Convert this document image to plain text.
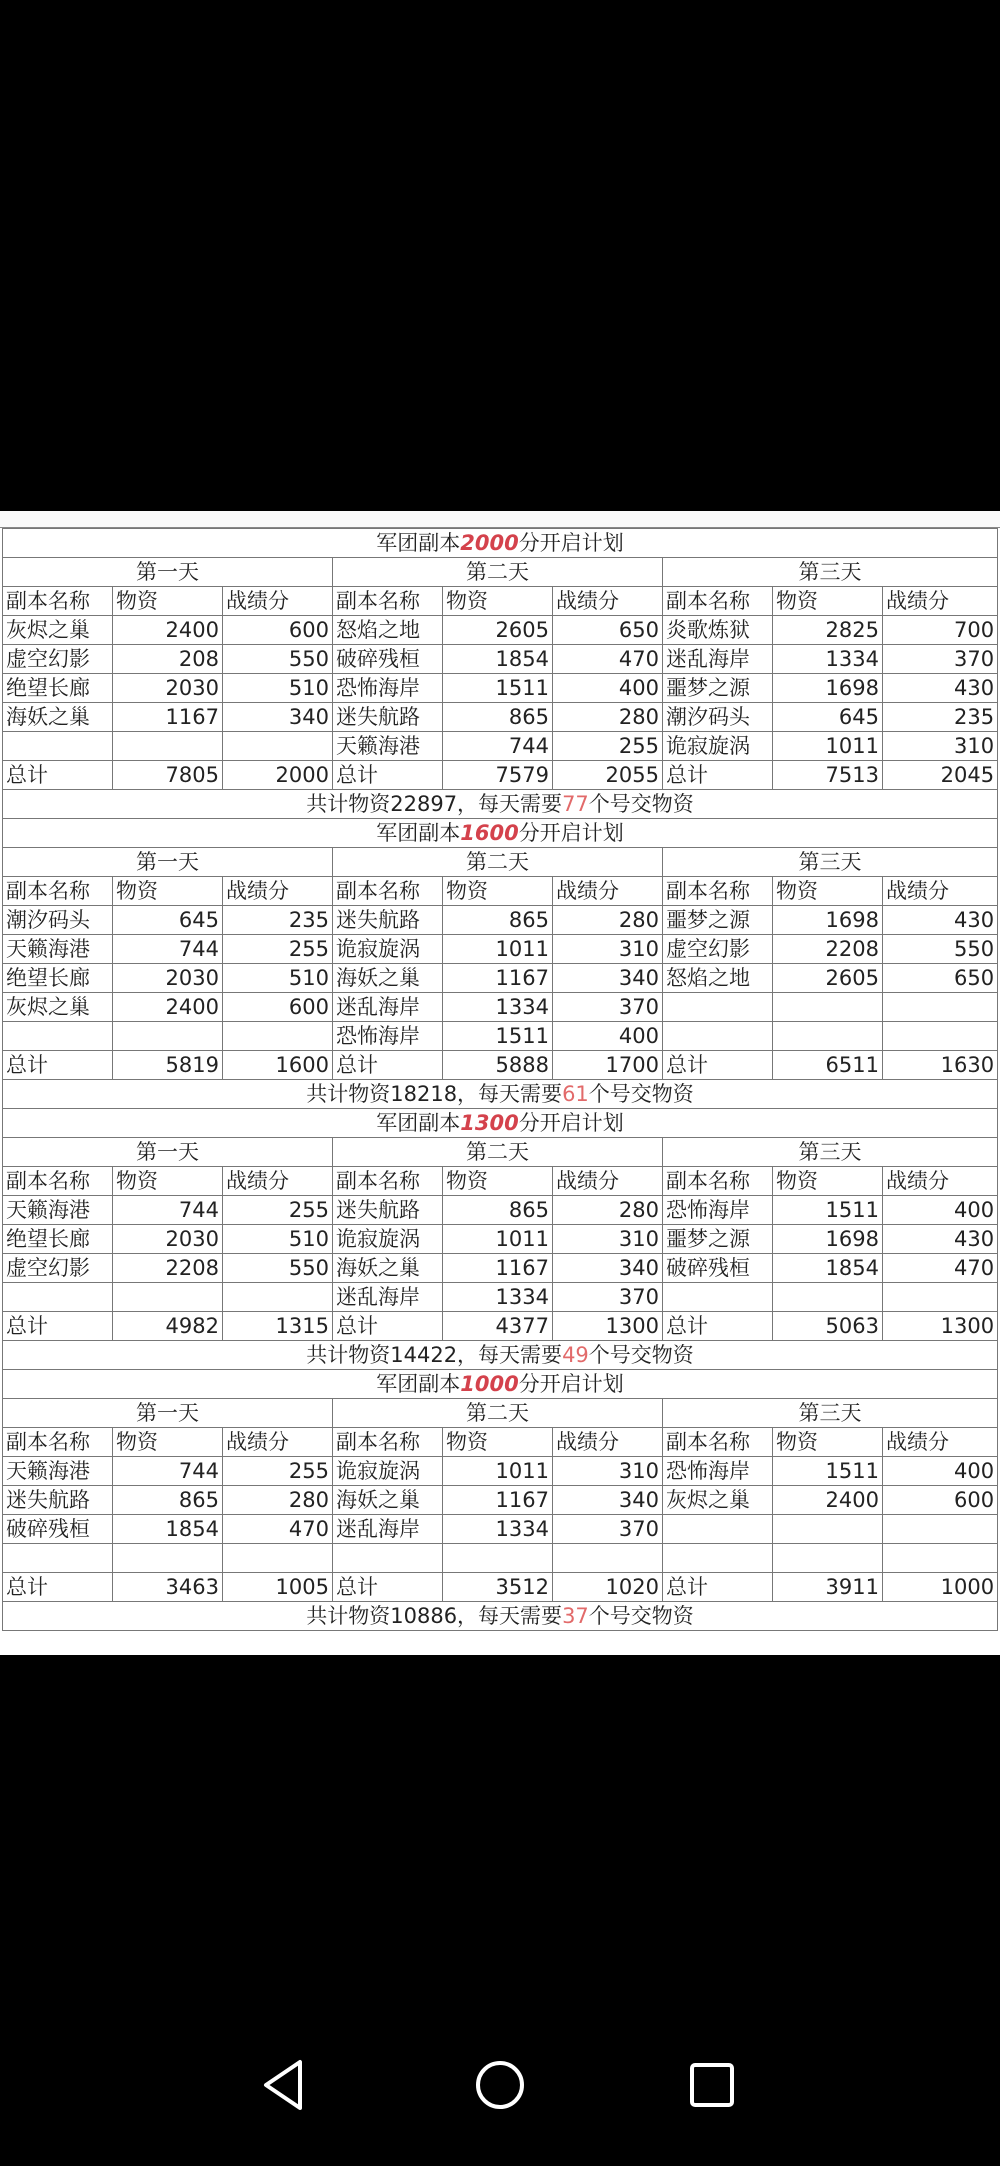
军团副本2000分开启计划								
第一天			第二天			第三天		
副本名称	物资	战绩分	副本名称	物资	战绩分	副本名称	物资	战绩分
灰烬之巢	2400	600	怒焰之地	2605	650	炎歌炼狱	2825	700
虚空幻影	208	550	破碎残桓	1854	470	迷乱海岸	1334	370
绝望长廊	2030	510	恐怖海岸	1511	400	噩梦之源	1698	430
海妖之巢	1167	340	迷失航路	865	280	潮汐码头	645	235
			天籁海港	744	255	诡寂旋涡	1011	310
总计	7805	2000	总计	7579	2055	总计	7513	2045
共计物资22897，每天需要77个号交物资								
军团副本1600分开启计划								
第一天			第二天			第三天		
副本名称	物资	战绩分	副本名称	物资	战绩分	副本名称	物资	战绩分
潮汐码头	645	235	迷失航路	865	280	噩梦之源	1698	430
天籁海港	744	255	诡寂旋涡	1011	310	虚空幻影	2208	550
绝望长廊	2030	510	海妖之巢	1167	340	怒焰之地	2605	650
灰烬之巢	2400	600	迷乱海岸	1334	370			
			恐怖海岸	1511	400			
总计	5819	1600	总计	5888	1700	总计	6511	1630
共计物资18218，每天需要61个号交物资								
军团副本1300分开启计划								
第一天			第二天			第三天		
副本名称	物资	战绩分	副本名称	物资	战绩分	副本名称	物资	战绩分
天籁海港	744	255	迷失航路	865	280	恐怖海岸	1511	400
绝望长廊	2030	510	诡寂旋涡	1011	310	噩梦之源	1698	430
虚空幻影	2208	550	海妖之巢	1167	340	破碎残桓	1854	470
			迷乱海岸	1334	370			
总计	4982	1315	总计	4377	1300	总计	5063	1300
共计物资14422，每天需要49个号交物资								
军团副本1000分开启计划								
第一天			第二天			第三天		
副本名称	物资	战绩分	副本名称	物资	战绩分	副本名称	物资	战绩分
天籁海港	744	255	诡寂旋涡	1011	310	恐怖海岸	1511	400
迷失航路	865	280	海妖之巢	1167	340	灰烬之巢	2400	600
破碎残桓	1854	470	迷乱海岸	1334	370			

总计	3463	1005	总计	3512	1020	总计	3911	1000
共计物资10886，每天需要37个号交物资								
